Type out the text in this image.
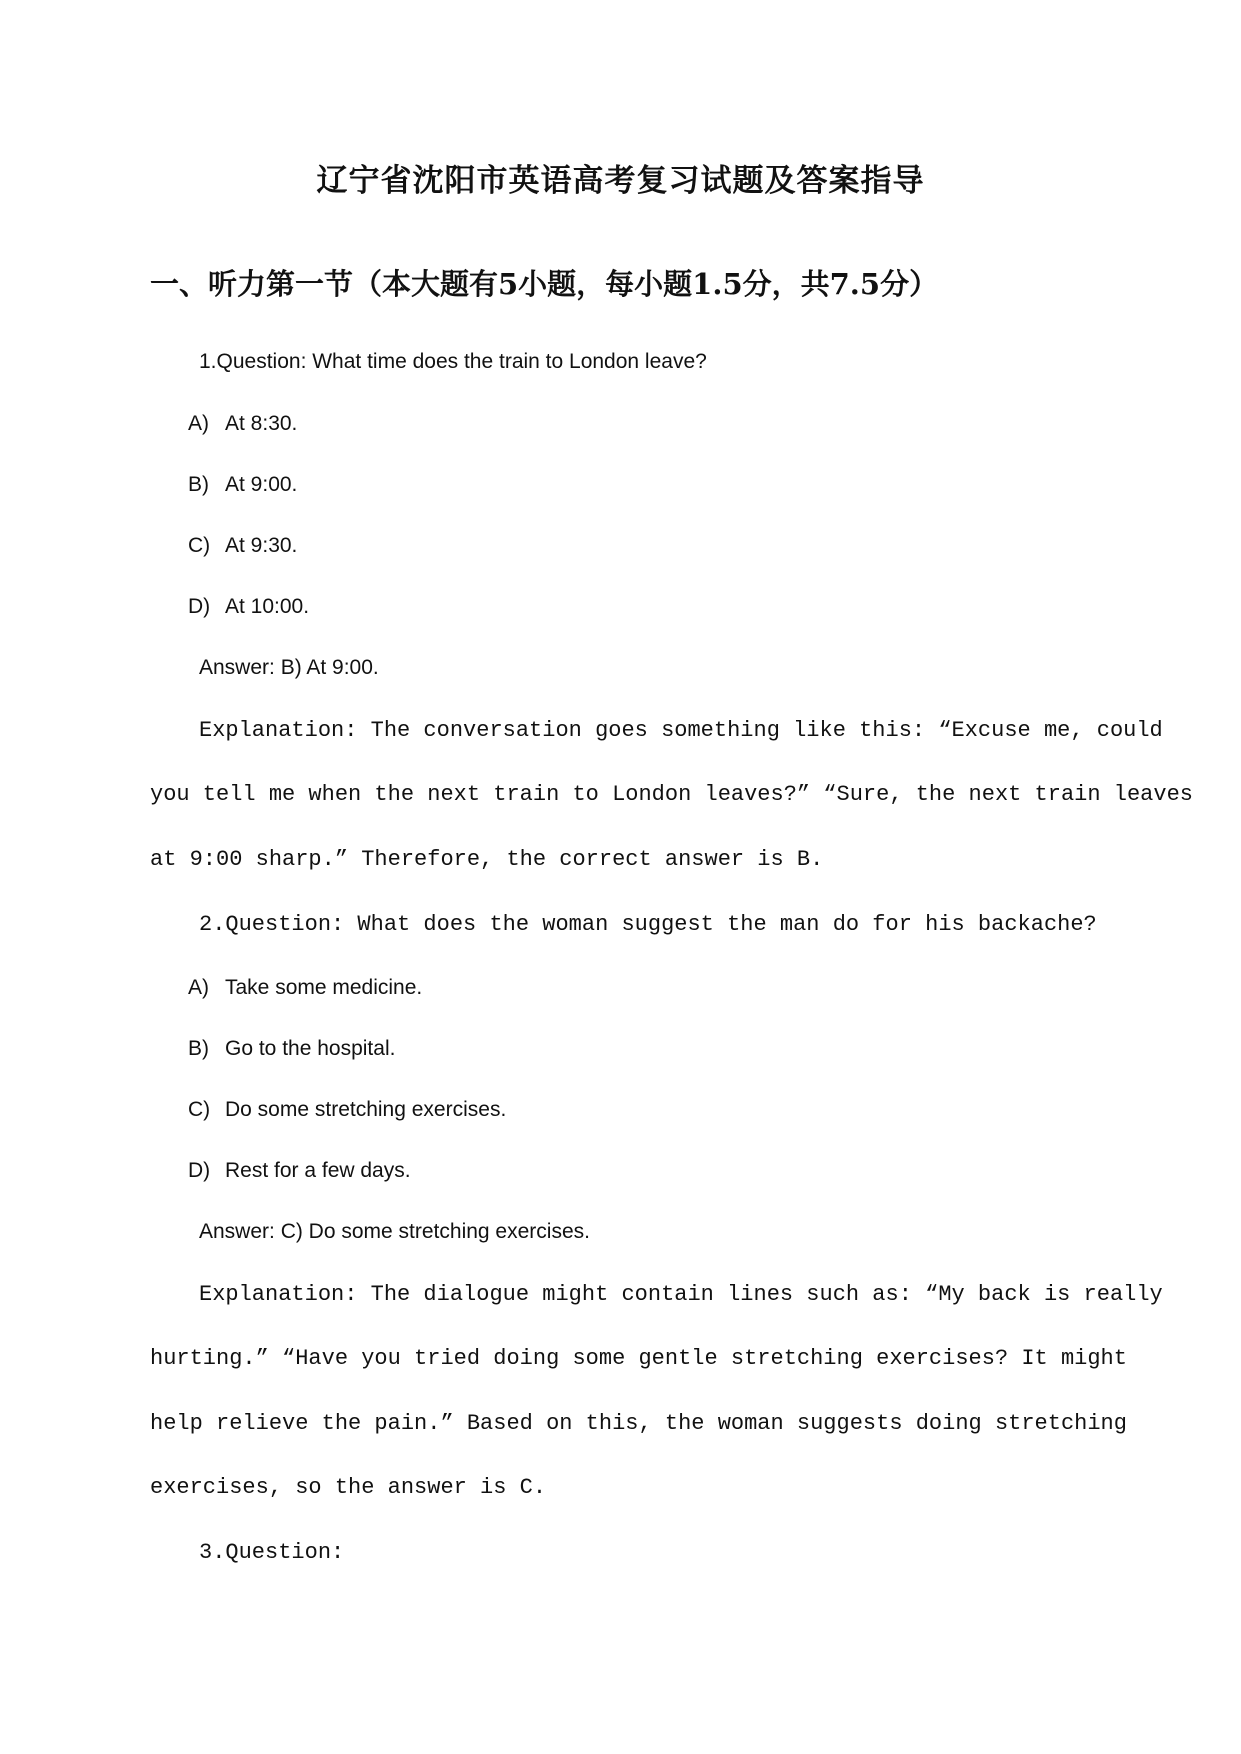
辽宁省沈阳市英语高考复习试题及答案指导
一、听力第一节（本大题有5小题，每小题1.5分，共7.5分）
1.Question: What time does the train to London leave?
A) At 8:30.
B) At 9:00.
C) At 9:30.
D) At 10:00.
Answer: B) At 9:00.
Explanation: The conversation goes something like this: “Excuse me, could
you tell me when the next train to London leaves?” “Sure, the next train leaves
at 9:00 sharp.” Therefore, the correct answer is B.
2.Question: What does the woman suggest the man do for his backache?
A) Take some medicine.
B) Go to the hospital.
C) Do some stretching exercises.
D) Rest for a few days.
Answer: C) Do some stretching exercises.
Explanation: The dialogue might contain lines such as: “My back is really
hurting.” “Have you tried doing some gentle stretching exercises? It might
help relieve the pain.” Based on this, the woman suggests doing stretching
exercises, so the answer is C.
3.Question:
